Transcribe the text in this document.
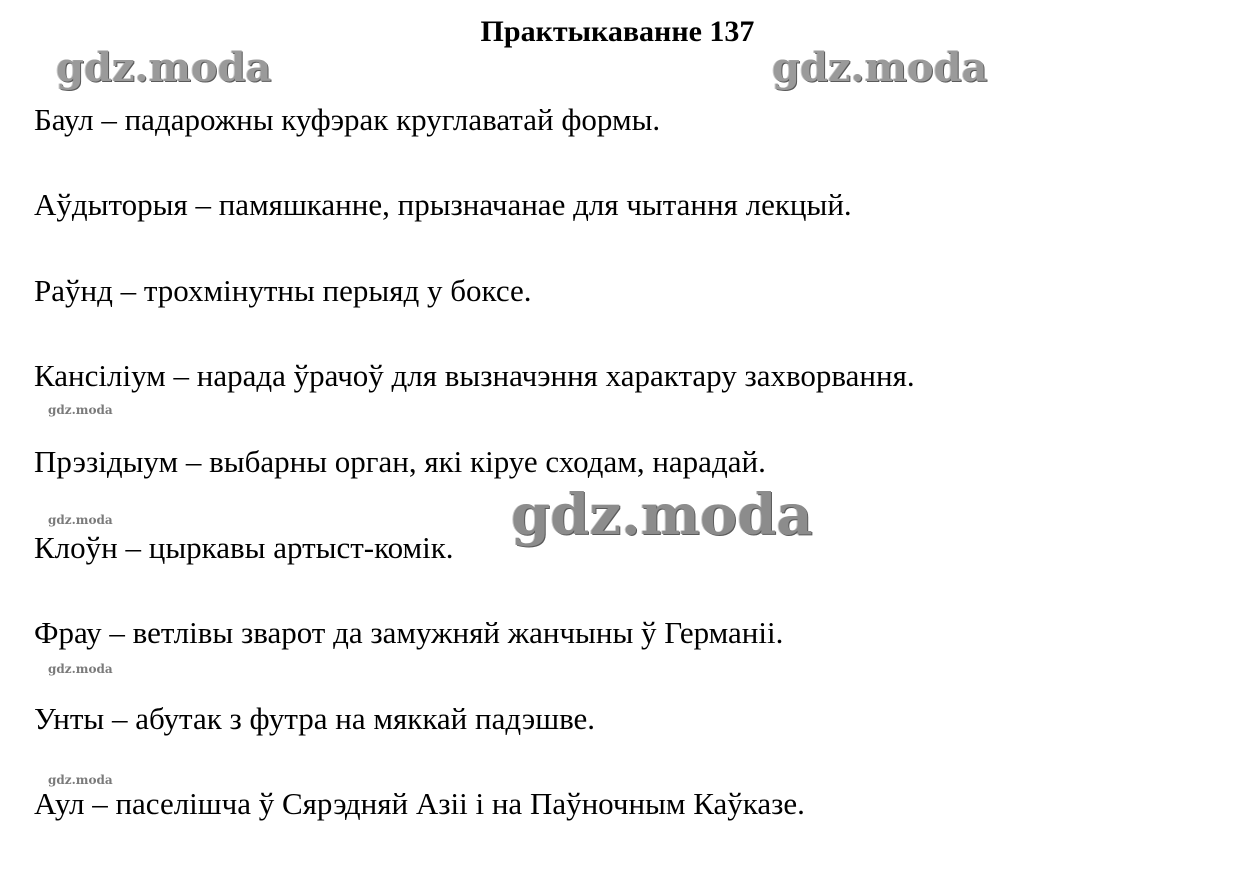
Практыкаванне 137
gdz.moda	gdz.moda

Баул – падарожны куфэрак круглаватай формы.

Аўдыторыя – памяшканне, прызначанае для чытання лекцый.

Раўнд – трохмінутны перыяд у боксе.

Кансіліум – нарада ўрачоў для вызначэння характару захворвання.

gdz.moda

Прэзідыум – выбарны орган, які кіруе сходам, нарадай.

gdz.moda

Клоўн – цыркавы артыст-комік. gdz.moda

Фрау – ветлівы зварот да замужняй жанчыны ў Германіі.

gdz.moda

Унты – абутак з футра на мяккай падэшве.

gdz.moda

Аул – паселішча ў Сярэдняй Азіі і на Паўночным Каўказе.
